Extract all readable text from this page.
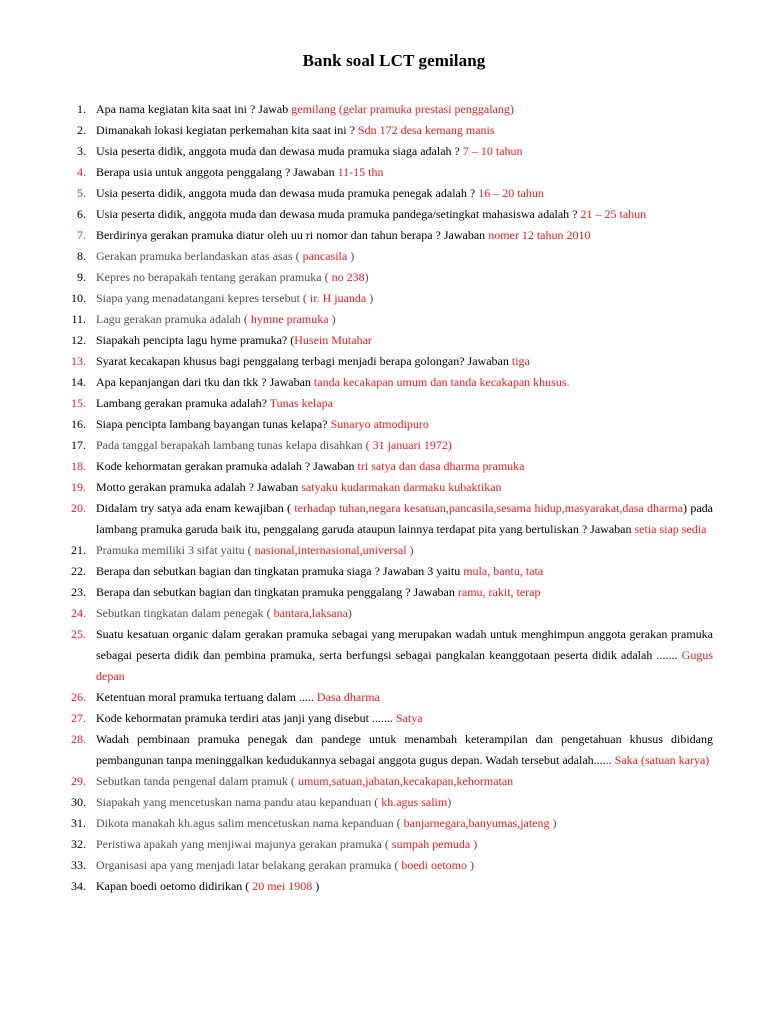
Bank soal LCT gemilang
1. Apa nama kegiatan kita saat ini ? Jawab gemilang (gelar pramuka prestasi penggalang)
2. Dimanakah lokasi kegiatan perkemahan kita saat ini ? Sdn 172 desa kemang manis
3. Usia peserta didik, anggota muda dan dewasa muda pramuka siaga adalah ? 7 – 10 tahun
4. Berapa usia untuk anggota penggalang ? Jawaban 11-15 thn
5. Usia peserta didik, anggota muda dan dewasa muda pramuka penegak adalah ? 16 – 20 tahun
6. Usia peserta didik, anggota muda dan dewasa muda pramuka pandega/setingkat mahasiswa adalah ? 21 – 25 tahun
7. Berdirinya gerakan pramuka diatur oleh uu ri nomor dan tahun berapa ? Jawaban nomer 12 tahun 2010
8. Gerakan pramuka berlandaskan atas asas ( pancasila )
9. Kepres no berapakah tentang gerakan pramuka ( no 238)
10. Siapa yang menadatangani kepres tersebut ( ir. H juanda )
11. Lagu gerakan pramuka adalah ( hymne pramuka )
12. Siapakah pencipta lagu hyme pramuka? (Husein Mutahar
13. Syarat kecakapan khusus bagi penggalang terbagi menjadi berapa golongan? Jawaban tiga
14. Apa kepanjangan dari tku dan tkk ? Jawaban tanda kecakapan umum dan tanda kecakapan khusus.
15. Lambang gerakan pramuka adalah? Tunas kelapa
16. Siapa pencipta lambang bayangan tunas kelapa? Sunaryo atmodipuro
17. Pada tanggal berapakah lambang tunas kelapa disahkan ( 31 januari 1972)
18. Kode kehormatan gerakan pramuka adalah ? Jawaban tri satya dan dasa dharma pramuka
19. Motto gerakan pramuka adalah ? Jawaban satyaku kudarmakan darmaku kubaktikan
20. Didalam try satya ada enam kewajiban ( terhadap tuhan,negara kesatuan,pancasila,sesama hidup,masyarakat,dasa dharma) pada lambang pramuka garuda baik itu, penggalang garuda ataupun lainnya terdapat pita yang bertuliskan ? Jawaban setia siap sedia
21. Pramuka memiliki 3 sifat yaitu ( nasional,internasional,universal )
22. Berapa dan sebutkan bagian dan tingkatan pramuka siaga ? Jawaban 3 yaitu mula, bantu, tata
23. Berapa dan sebutkan bagian dan tingkatan pramuka penggalang ? Jawaban ramu, rakit, terap
24. Sebutkan tingkatan dalam penegak ( bantara,laksana)
25. Suatu kesatuan organic dalam gerakan pramuka sebagai yang merupakan wadah untuk menghimpun anggota gerakan pramuka sebagai peserta didik dan pembina pramuka, serta berfungsi sebagai pangkalan keanggotaan peserta didik adalah ....... Gugus depan
26. Ketentuan moral pramuka tertuang dalam ..... Dasa dharma
27. Kode kehormatan pramuka terdiri atas janji yang disebut ....... Satya
28. Wadah pembinaan pramuka penegak dan pandege untuk menambah keterampilan dan pengetahuan khusus dibidang pembangunan tanpa meninggalkan kedudukannya sebagai anggota gugus depan. Wadah tersebut adalah...... Saka (satuan karya)
29. Sebutkan tanda pengenal dalam pramuk ( umum,satuan,jabatan,kecakapan,kehormatan
30. Siapakah yang mencetuskan nama pandu atau kepanduan ( kh.agus salim)
31. Dikota manakah kh.agus salim mencetuskan nama kepanduan ( banjarnegara,banyumas,jateng )
32. Peristiwa apakah yang menjiwai majunya gerakan pramuka ( sumpah pemuda )
33. Organisasi apa yang menjadi latar belakang gerakan pramuka ( boedi oetomo )
34. Kapan boedi oetomo didirikan ( 20 mei 1908 )
